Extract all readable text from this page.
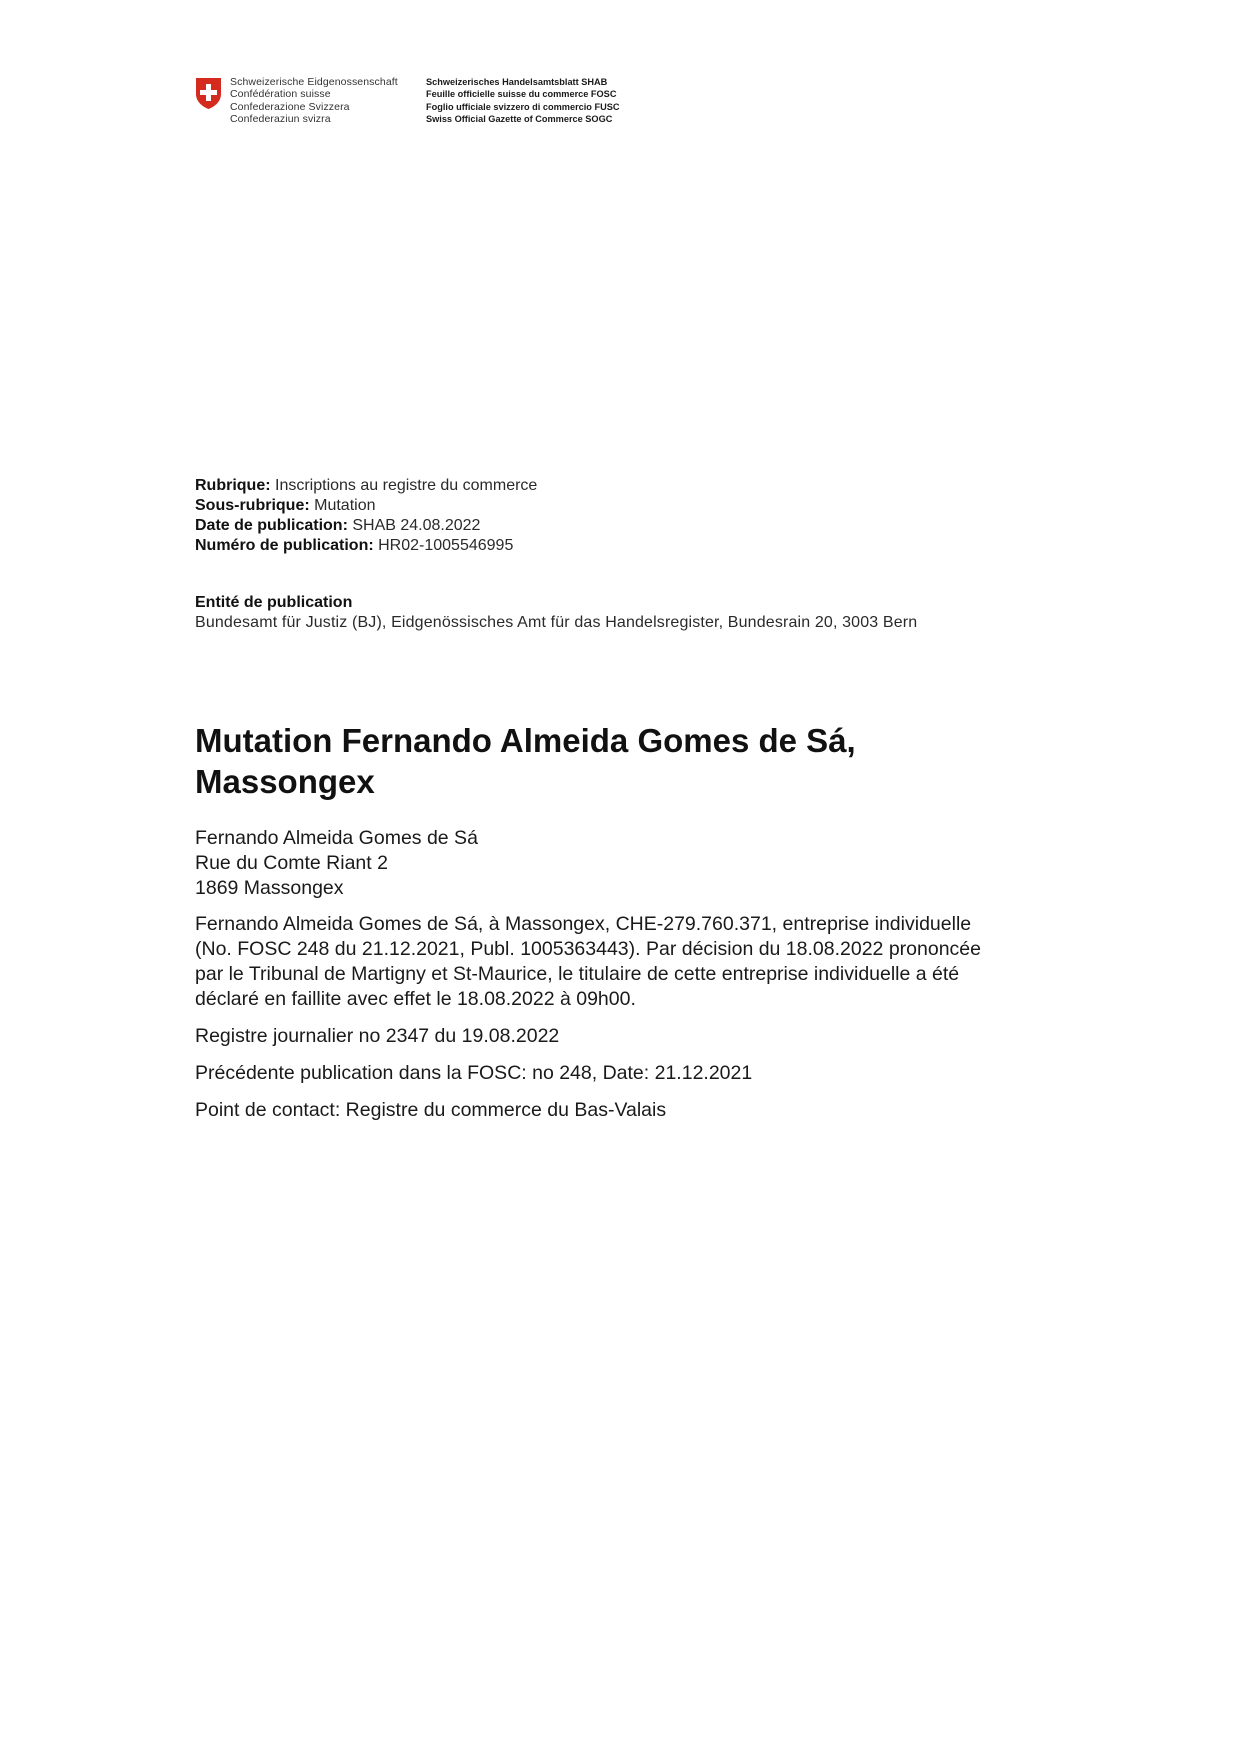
Schweizerische Eidgenossenschaft
Confédération suisse
Confederazione Svizzera
Confederaziun svizra
Schweizerisches Handelsamtsblatt SHAB
Feuille officielle suisse du commerce FOSC
Foglio ufficiale svizzero di commercio FUSC
Swiss Official Gazette of Commerce SOGC
Rubrique: Inscriptions au registre du commerce
Sous-rubrique: Mutation
Date de publication: SHAB 24.08.2022
Numéro de publication: HR02-1005546995
Entité de publication
Bundesamt für Justiz (BJ), Eidgenössisches Amt für das Handelsregister, Bundesrain 20, 3003 Bern
Mutation Fernando Almeida Gomes de Sá,
Massongex
Fernando Almeida Gomes de Sá
Rue du Comte Riant 2
1869 Massongex

Fernando Almeida Gomes de Sá, à Massongex, CHE-279.760.371, entreprise individuelle
(No. FOSC 248 du 21.12.2021, Publ. 1005363443). Par décision du 18.08.2022 prononcée
par le Tribunal de Martigny et St-Maurice, le titulaire de cette entreprise individuelle a été
déclaré en faillite avec effet le 18.08.2022 à 09h00.

Registre journalier no 2347 du 19.08.2022

Précédente publication dans la FOSC: no 248, Date: 21.12.2021

Point de contact: Registre du commerce du Bas-Valais
